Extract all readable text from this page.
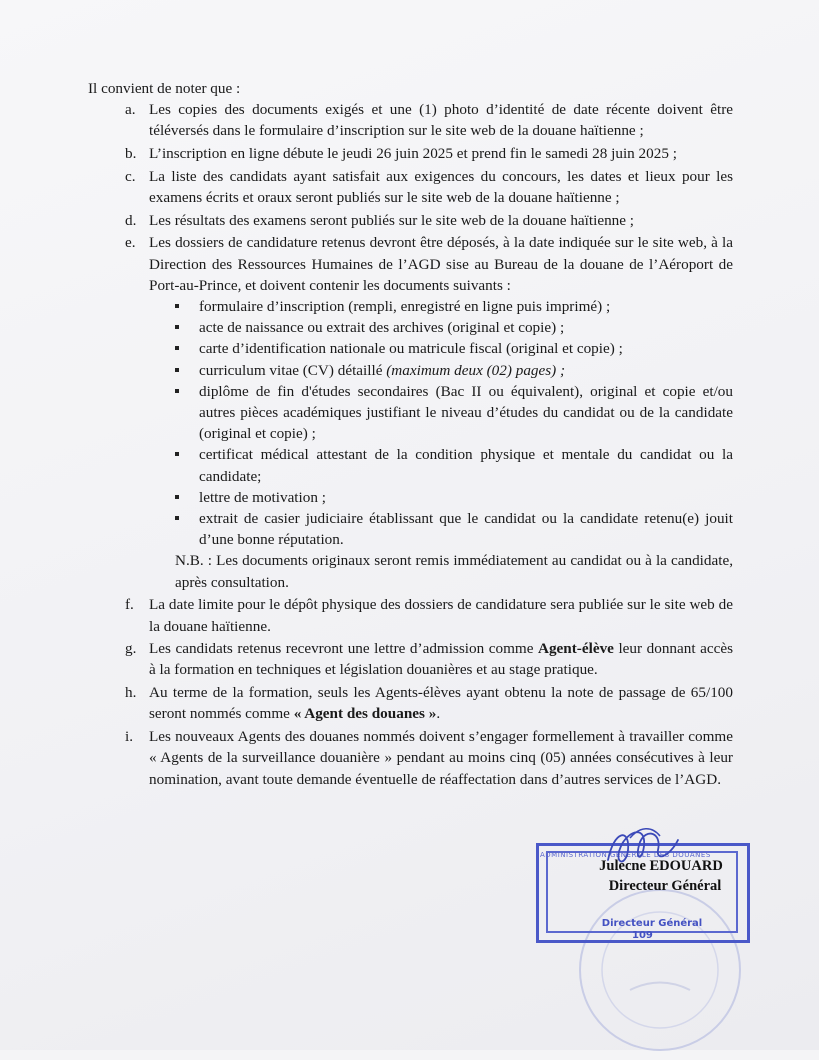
Il convient de noter que :

a. Les copies des documents exigés et une (1) photo d’identité de date récente doivent être téléversés dans le formulaire d’inscription sur le site web de la douane haïtienne ;
b. L’inscription en ligne débute le jeudi 26 juin 2025 et prend fin le samedi 28 juin 2025 ;
c. La liste des candidats ayant satisfait aux exigences du concours, les dates et lieux pour les examens écrits et oraux seront publiés sur le site web de la douane haïtienne ;
d. Les résultats des examens seront publiés sur le site web de la douane haïtienne ;
e. Les dossiers de candidature retenus devront être déposés, à la date indiquée sur le site web, à la Direction des Ressources Humaines de l’AGD sise au Bureau de la douane de l’Aéroport de Port-au-Prince, et doivent contenir les documents suivants :
formulaire d’inscription (rempli, enregistré en ligne puis imprimé) ;
acte de naissance ou extrait des archives (original et copie) ;
carte d’identification nationale ou matricule fiscal (original et copie) ;
curriculum vitae (CV) détaillé (maximum deux (02) pages) ;
diplôme de fin d'études secondaires (Bac II ou équivalent), original et copie et/ou autres pièces académiques justifiant le niveau d’études du candidat ou de la candidate (original et copie) ;
certificat médical attestant de la condition physique et mentale du candidat ou la candidate;
lettre de motivation ;
extrait de casier judiciaire établissant que le candidat ou la candidate retenu(e) jouit d’une bonne réputation.
N.B. : Les documents originaux seront remis immédiatement au candidat ou à la candidate, après consultation.
f. La date limite pour le dépôt physique des dossiers de candidature sera publiée sur le site web de la douane haïtienne.
g. Les candidats retenus recevront une lettre d’admission comme Agent-élève leur donnant accès à la formation en techniques et législation douanières et au stage pratique.
h. Au terme de la formation, seuls les Agents-élèves ayant obtenu la note de passage de 65/100 seront nommés comme « Agent des douanes ».
i. Les nouveaux Agents des douanes nommés doivent s’engager formellement à travailler comme « Agents de la surveillance douanière » pendant au moins cinq (05) années consécutives à leur nomination, avant toute demande éventuelle de réaffectation dans d’autres services de l’AGD.
ADMINISTRATION GÉNÉRALE DES DOUANES
Julecne EDOUARD
Directeur Général
Directeur Général
109
